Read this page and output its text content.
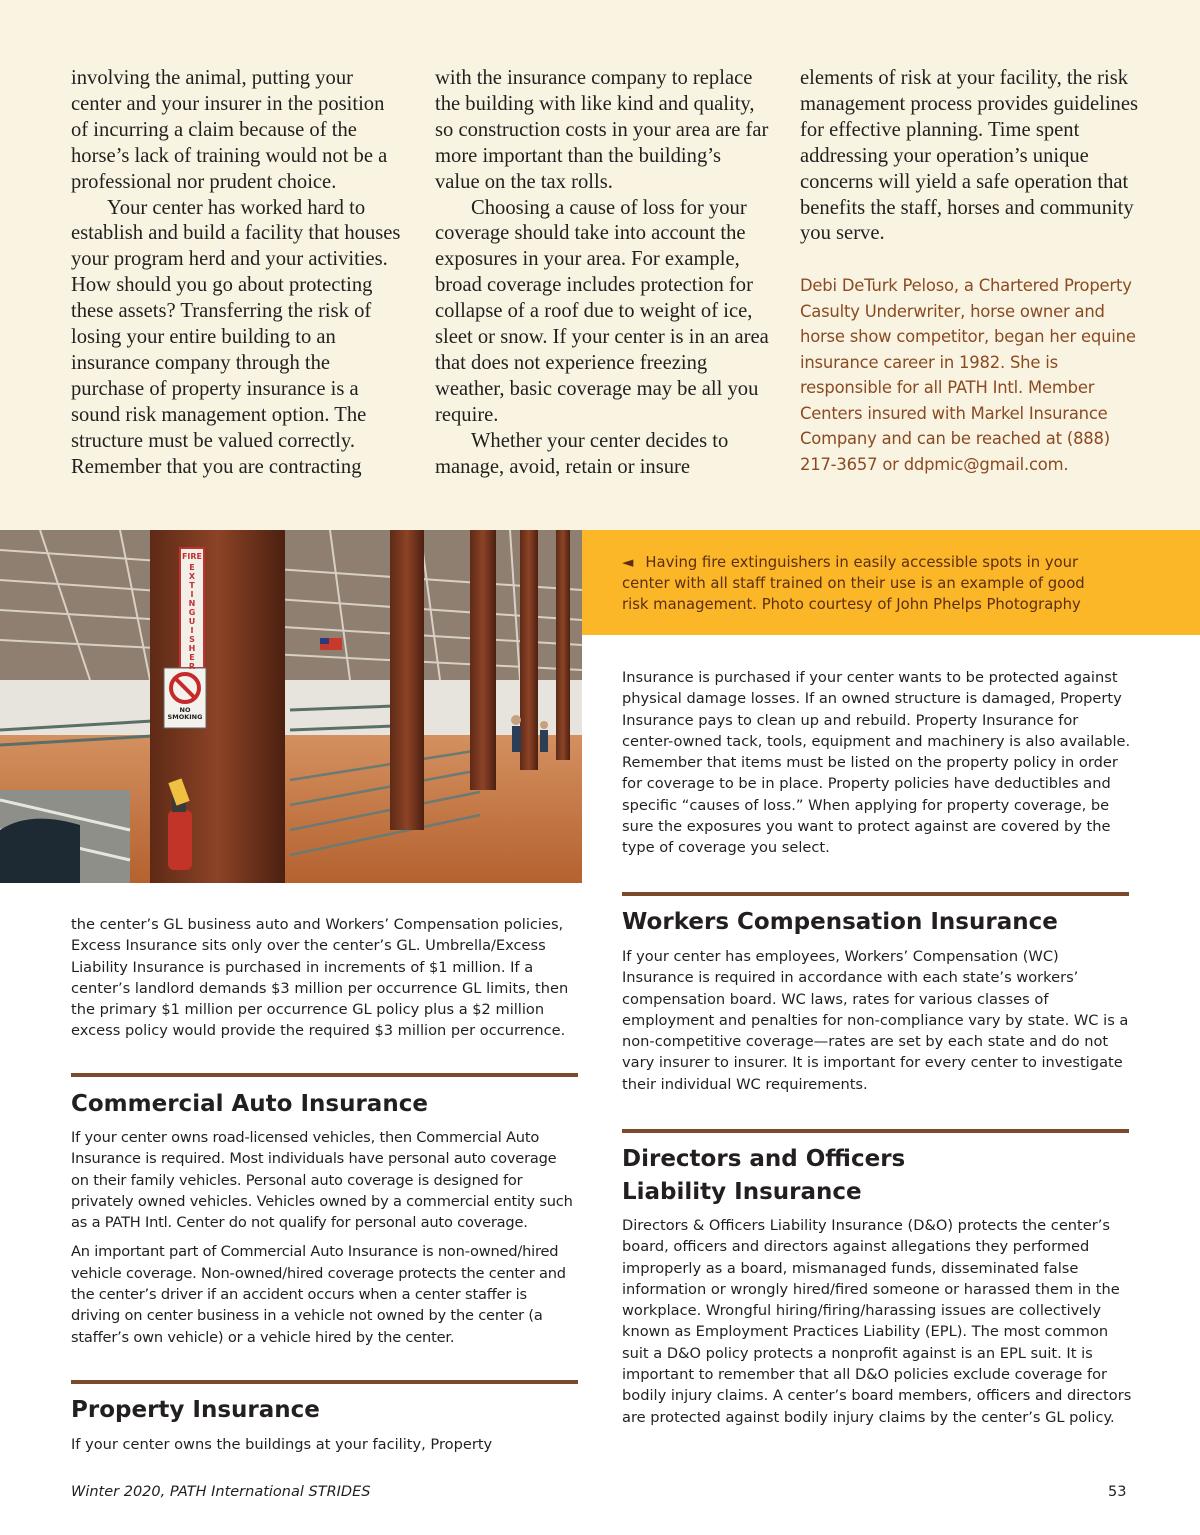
involving the animal, putting your center and your insurer in the position of incurring a claim because of the horse’s lack of training would not be a professional nor prudent choice.

Your center has worked hard to establish and build a facility that houses your program herd and your activities. How should you go about protecting these assets? Transferring the risk of losing your entire building to an insurance company through the purchase of property insurance is a sound risk management option. The structure must be valued correctly. Remember that you are contracting

with the insurance company to replace the building with like kind and quality, so construction costs in your area are far more important than the building’s value on the tax rolls.

Choosing a cause of loss for your coverage should take into account the exposures in your area. For example, broad coverage includes protection for collapse of a roof due to weight of ice, sleet or snow. If your center is in an area that does not experience freezing weather, basic coverage may be all you require.

Whether your center decides to manage, avoid, retain or insure

elements of risk at your facility, the risk management process provides guidelines for effective planning. Time spent addressing your operation’s unique concerns will yield a safe operation that benefits the staff, horses and community you serve.

Debi DeTurk Peloso, a Chartered Property Casulty Underwriter, horse owner and horse show competitor, began her equine insurance career in 1982. She is responsible for all PATH Intl. Member Centers insured with Markel Insurance Company and can be reached at (888) 217-3657 or ddpmic@gmail.com.

FIRE
EXTINGUISHER
NO
SMOKING
◄ Having fire extinguishers in easily accessible spots in your center with all staff trained on their use is an example of good risk management. Photo courtesy of John Phelps Photography

Insurance is purchased if your center wants to be protected against physical damage losses. If an owned structure is damaged, Property Insurance pays to clean up and rebuild. Property Insurance for center-owned tack, tools, equipment and machinery is also available. Remember that items must be listed on the property policy in order for coverage to be in place. Property policies have deductibles and specific “causes of loss.” When applying for property coverage, be sure the exposures you want to protect against are covered by the type of coverage you select.

Workers Compensation Insurance

If your center has employees, Workers’ Compensation (WC) Insurance is required in accordance with each state’s workers’ compensation board. WC laws, rates for various classes of employment and penalties for non-compliance vary by state. WC is a non-competitive coverage—rates are set by each state and do not vary insurer to insurer. It is important for every center to investigate their individual WC requirements.

Directors and Officers
Liability Insurance

Directors & Officers Liability Insurance (D&O) protects the center’s board, officers and directors against allegations they performed improperly as a board, mismanaged funds, disseminated false information or wrongly hired/fired someone or harassed them in the workplace. Wrongful hiring/firing/harassing issues are collectively known as Employment Practices Liability (EPL). The most common suit a D&O policy protects a nonprofit against is an EPL suit. It is important to remember that all D&O policies exclude coverage for bodily injury claims. A center’s board members, officers and directors are protected against bodily injury claims by the center’s GL policy.

the center’s GL business auto and Workers’ Compensation policies, Excess Insurance sits only over the center’s GL. Umbrella/Excess Liability Insurance is purchased in increments of $1 million. If a center’s landlord demands $3 million per occurrence GL limits, then the primary $1 million per occurrence GL policy plus a $2 million excess policy would provide the required $3 million per occurrence.

Commercial Auto Insurance

If your center owns road-licensed vehicles, then Commercial Auto Insurance is required. Most individuals have personal auto coverage on their family vehicles. Personal auto coverage is designed for privately owned vehicles. Vehicles owned by a commercial entity such as a PATH Intl. Center do not qualify for personal auto coverage.

An important part of Commercial Auto Insurance is non-owned/hired vehicle coverage. Non-owned/hired coverage protects the center and the center’s driver if an accident occurs when a center staffer is driving on center business in a vehicle not owned by the center (a staffer’s own vehicle) or a vehicle hired by the center.

Property Insurance

If your center owns the buildings at your facility, Property

Winter 2020, PATH International STRIDES	53
